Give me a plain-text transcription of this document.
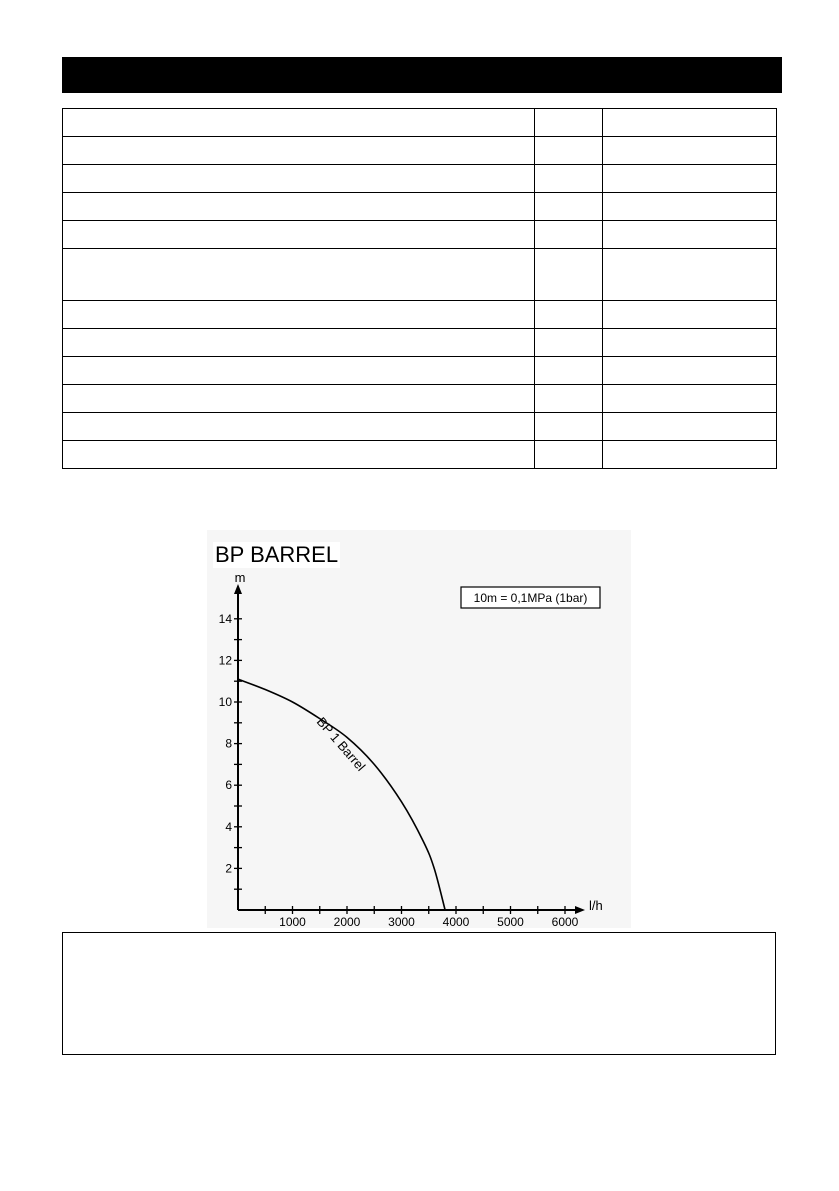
BP BARREL
1000 2000 3000 4000 5000 6000
2
4
6
8
10
12
14
l/h
m
10m = 0,1MPa (1bar)
BP 1 Barrel
